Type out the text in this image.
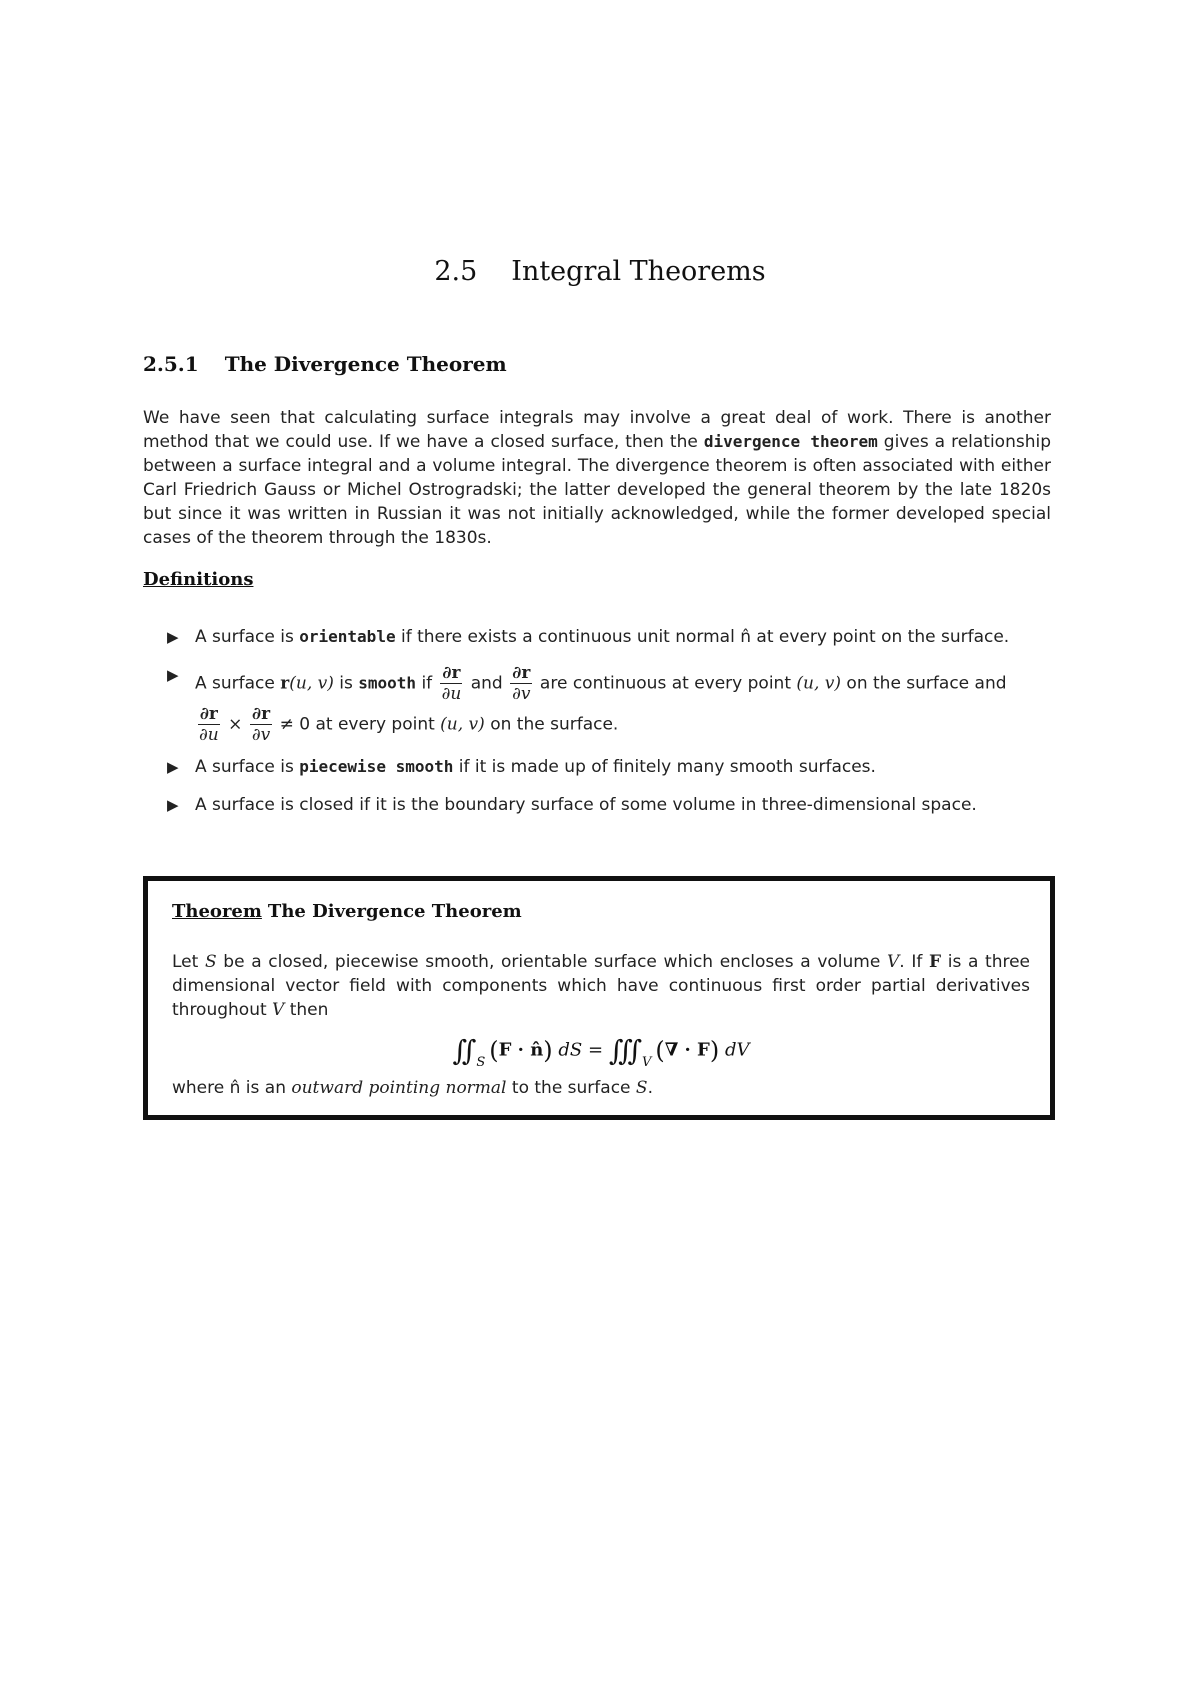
2.5 Integral Theorems
2.5.1 The Divergence Theorem

We have seen that calculating surface integrals may involve a great deal of work. There is another method that we could use. If we have a closed surface, then the divergence theorem gives a relationship between a surface integral and a volume integral. The divergence theorem is often associated with either Carl Friedrich Gauss or Michel Ostrogradski; the latter developed the general theorem by the late 1820s but since it was written in Russian it was not initially acknowledged, while the former developed special cases of the theorem through the 1830s.

Definitions
▶ A surface is orientable if there exists a continuous unit normal n̂ at every point on the surface.
▶ A surface r(u, v) is smooth if $\frac{\partial r}{\partial u}$ and $\frac{\partial r}{\partial v}$ are continuous at every point (u, v) on the surface and

$\frac{\partial r}{\partial u} \times \frac{\partial r}{\partial v} \ne 0$ at every point (u, v) on the surface.
▶ A surface is piecewise smooth if it is made up of finitely many smooth surfaces.
▶ A surface is closed if it is the boundary surface of some volume in three-dimensional space.
Theorem The Divergence Theorem

Let S be a closed, piecewise smooth, orientable surface which encloses a volume V. If F is a three dimensional vector field with components which have continuous first order partial derivatives throughout V then

$∬_S$ (F · n̂) dS = $∭_V$ (∇ · F) dV

where n̂ is an outward pointing normal to the surface S.
